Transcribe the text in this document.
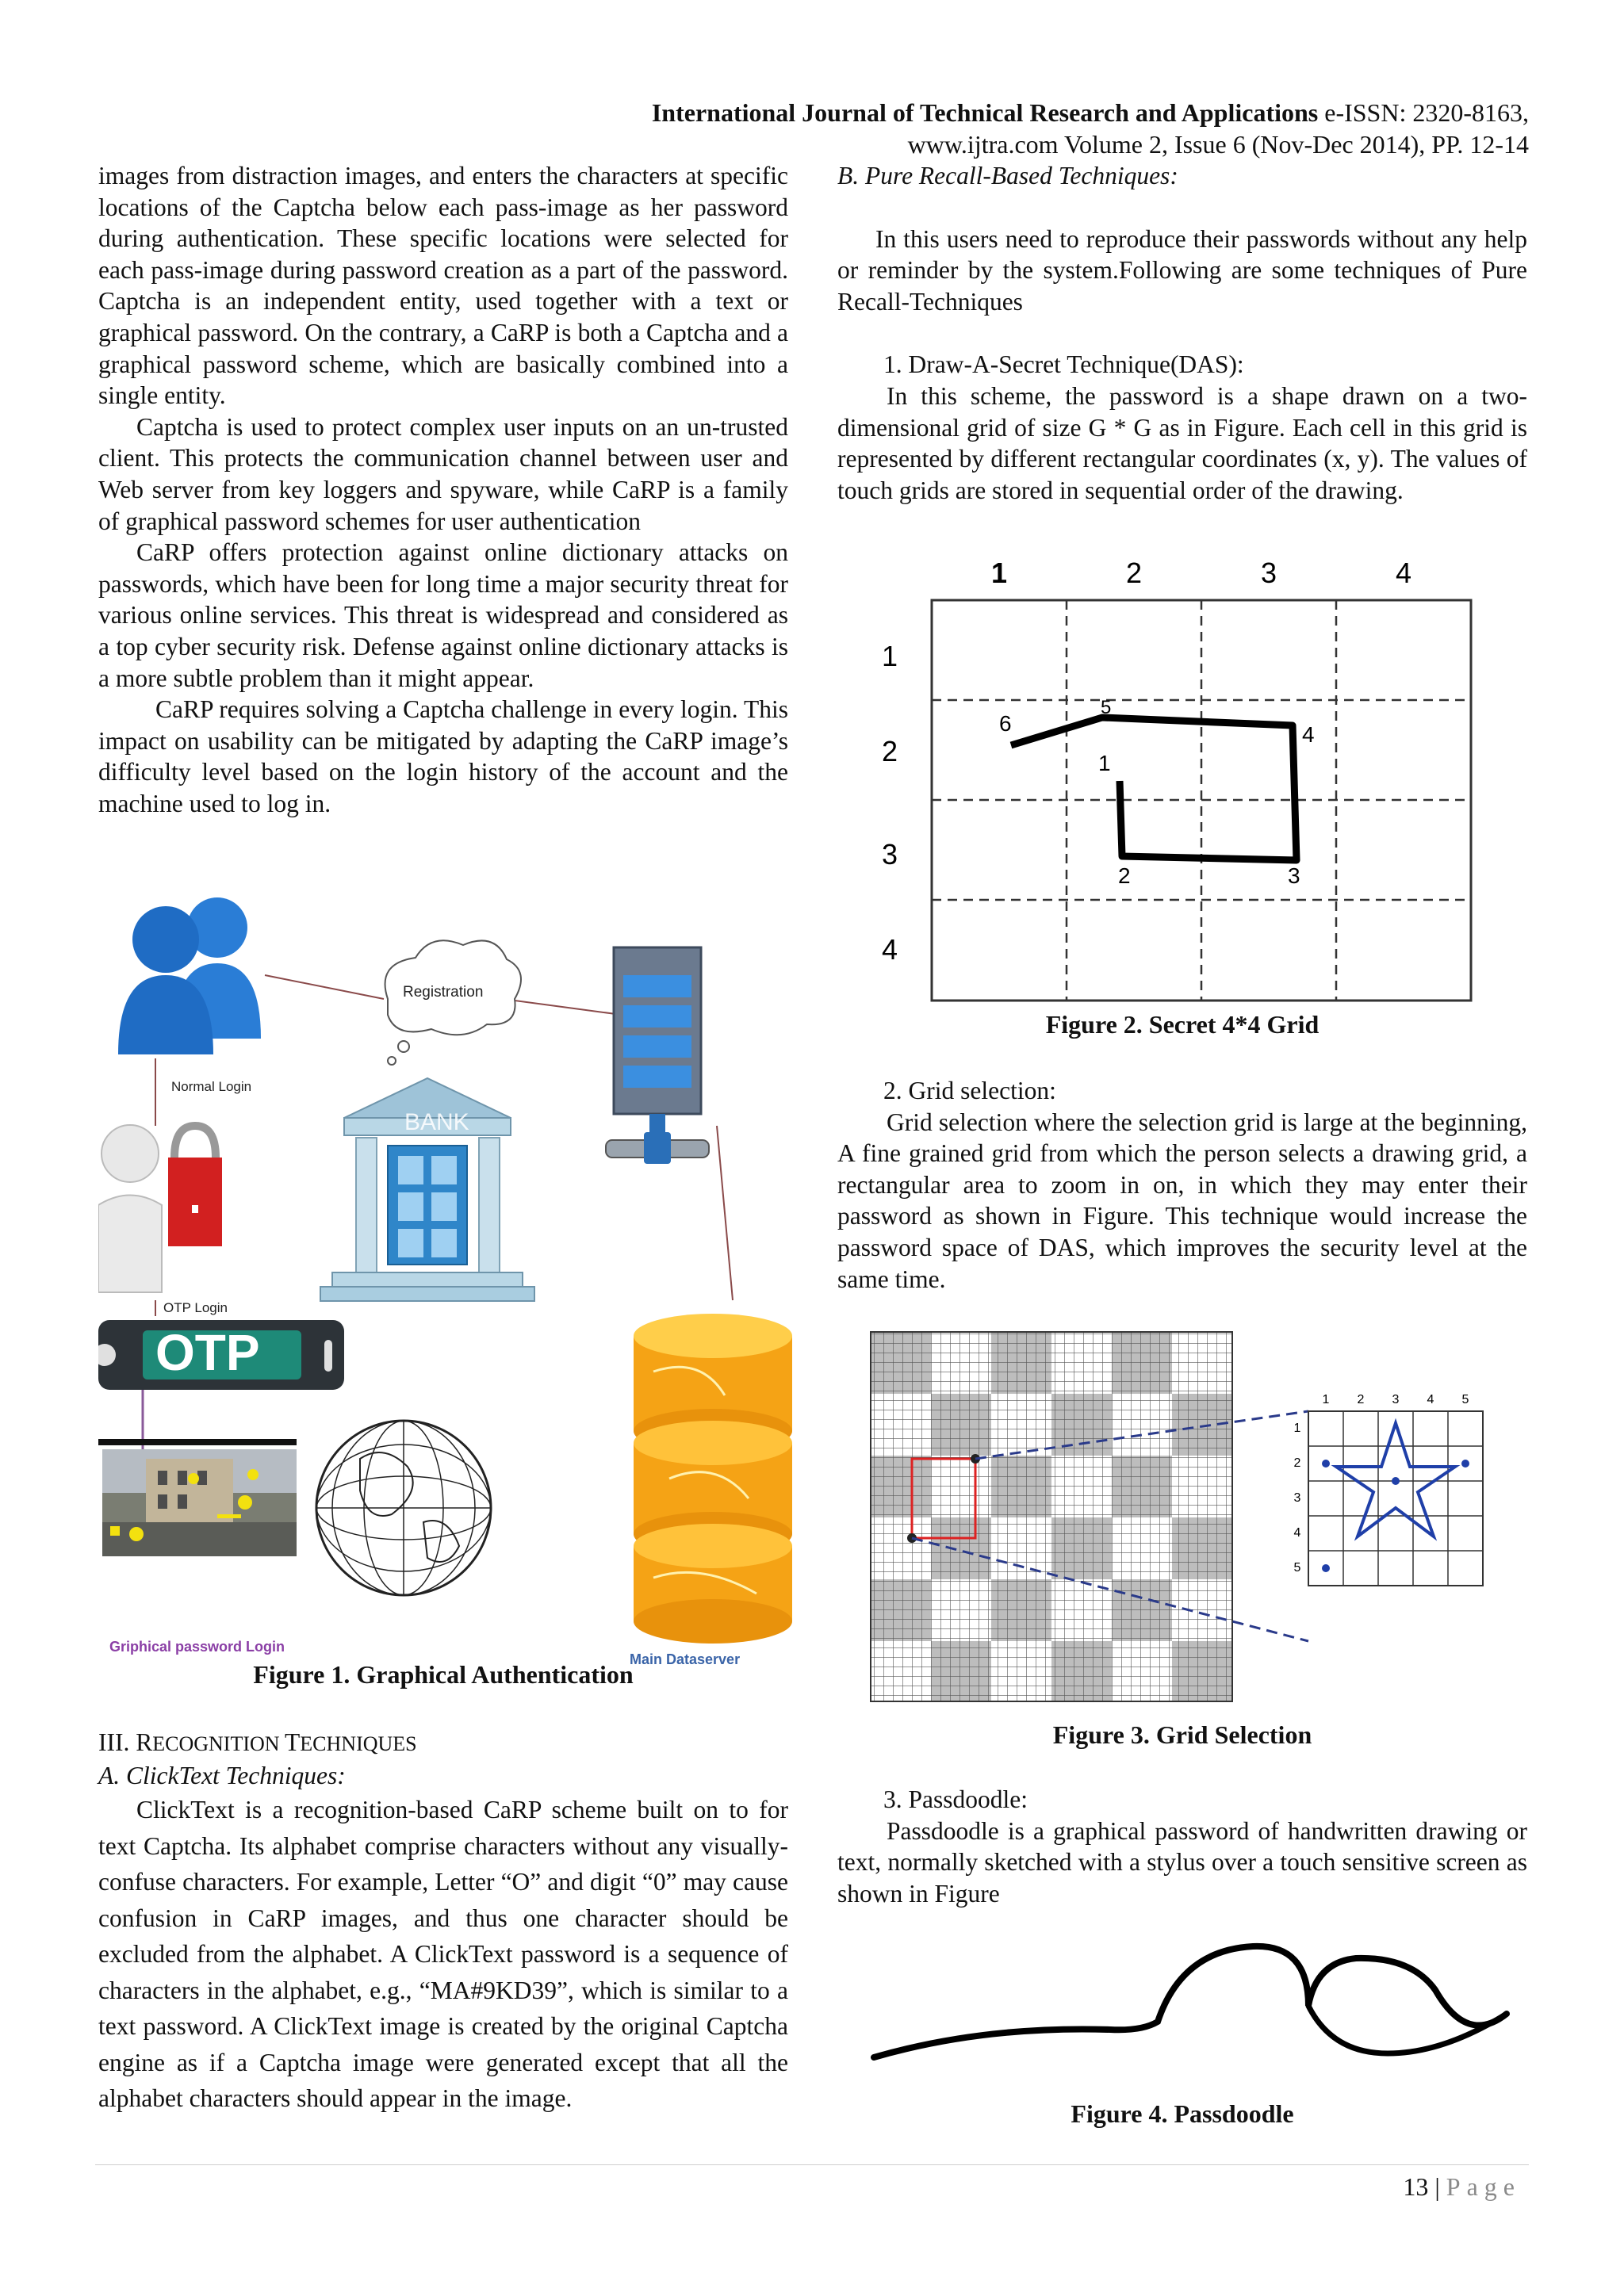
International Journal of Technical Research and Applications e-ISSN: 2320-8163,
www.ijtra.com Volume 2, Issue 6 (Nov-Dec 2014), PP. 12-14

images from distraction images, and enters the characters at specific locations of the Captcha below each pass-image as her password during authentication. These specific locations were selected for each pass-image during password creation as a part of the password. Captcha is an independent entity, used together with a text or graphical password. On the contrary, a CaRP is both a Captcha and a graphical password scheme, which are basically combined into a single entity.

Captcha is used to protect complex user inputs on an un-trusted client. This protects the communication channel between user and Web server from key loggers and spyware, while CaRP is a family of graphical password schemes for user authentication

CaRP offers protection against online dictionary attacks on passwords, which have been for long time a major security threat for various online services. This threat is widespread and considered as a top cyber security risk. Defense against online dictionary attacks is a more subtle problem than it might appear.

CaRP requires solving a Captcha challenge in every login. This impact on usability can be mitigated by adapting the CaRP image’s difficulty level based on the login history of the account and the machine used to log in.

Normal Login
Registration
OTP Login
BANK
OTP
Main Dataserver
Griphical password Login
Figure 1. Graphical Authentication

III. RECOGNITION TECHNIQUES

A. ClickText Techniques:

ClickText is a recognition-based CaRP scheme built on to for text Captcha. Its alphabet comprise characters without any visually-confuse characters. For example, Letter “O” and digit “0” may cause confusion in CaRP images, and thus one character should be excluded from the alphabet. A ClickText password is a sequence of characters in the alphabet, e.g., “MA#9KD39”, which is similar to a text password. A ClickText image is created by the original Captcha engine as if a Captcha image were generated except that all the alphabet characters should appear in the image.

B. Pure Recall-Based Techniques:

In this users need to reproduce their passwords without any help or reminder by the system.Following are some techniques of Pure Recall-Techniques

1. Draw-A-Secret Technique(DAS):

In this scheme, the password is a shape drawn on a two-dimensional grid of size G * G as in Figure. Each cell in this grid is represented by different rectangular coordinates (x, y). The values of touch grids are stored in sequential order of the drawing.

1	2	3	4
1
2
3
4
6
5
4
1
2	3
Figure 2. Secret 4*4 Grid

2. Grid selection:

Grid selection where the selection grid is large at the beginning, A fine grained grid from which the person selects a drawing grid, a rectangular area to zoom in on, in which they may enter their password as shown in Figure. This technique would increase the password space of DAS, which improves the security level at the same time.

1 2 3 4 5
1
2
3
4
5
Figure 3. Grid Selection

3. Passdoodle:

Passdoodle is a graphical password of handwritten drawing or text, normally sketched with a stylus over a touch sensitive screen as shown in Figure

Figure 4. Passdoodle
13 | Page
